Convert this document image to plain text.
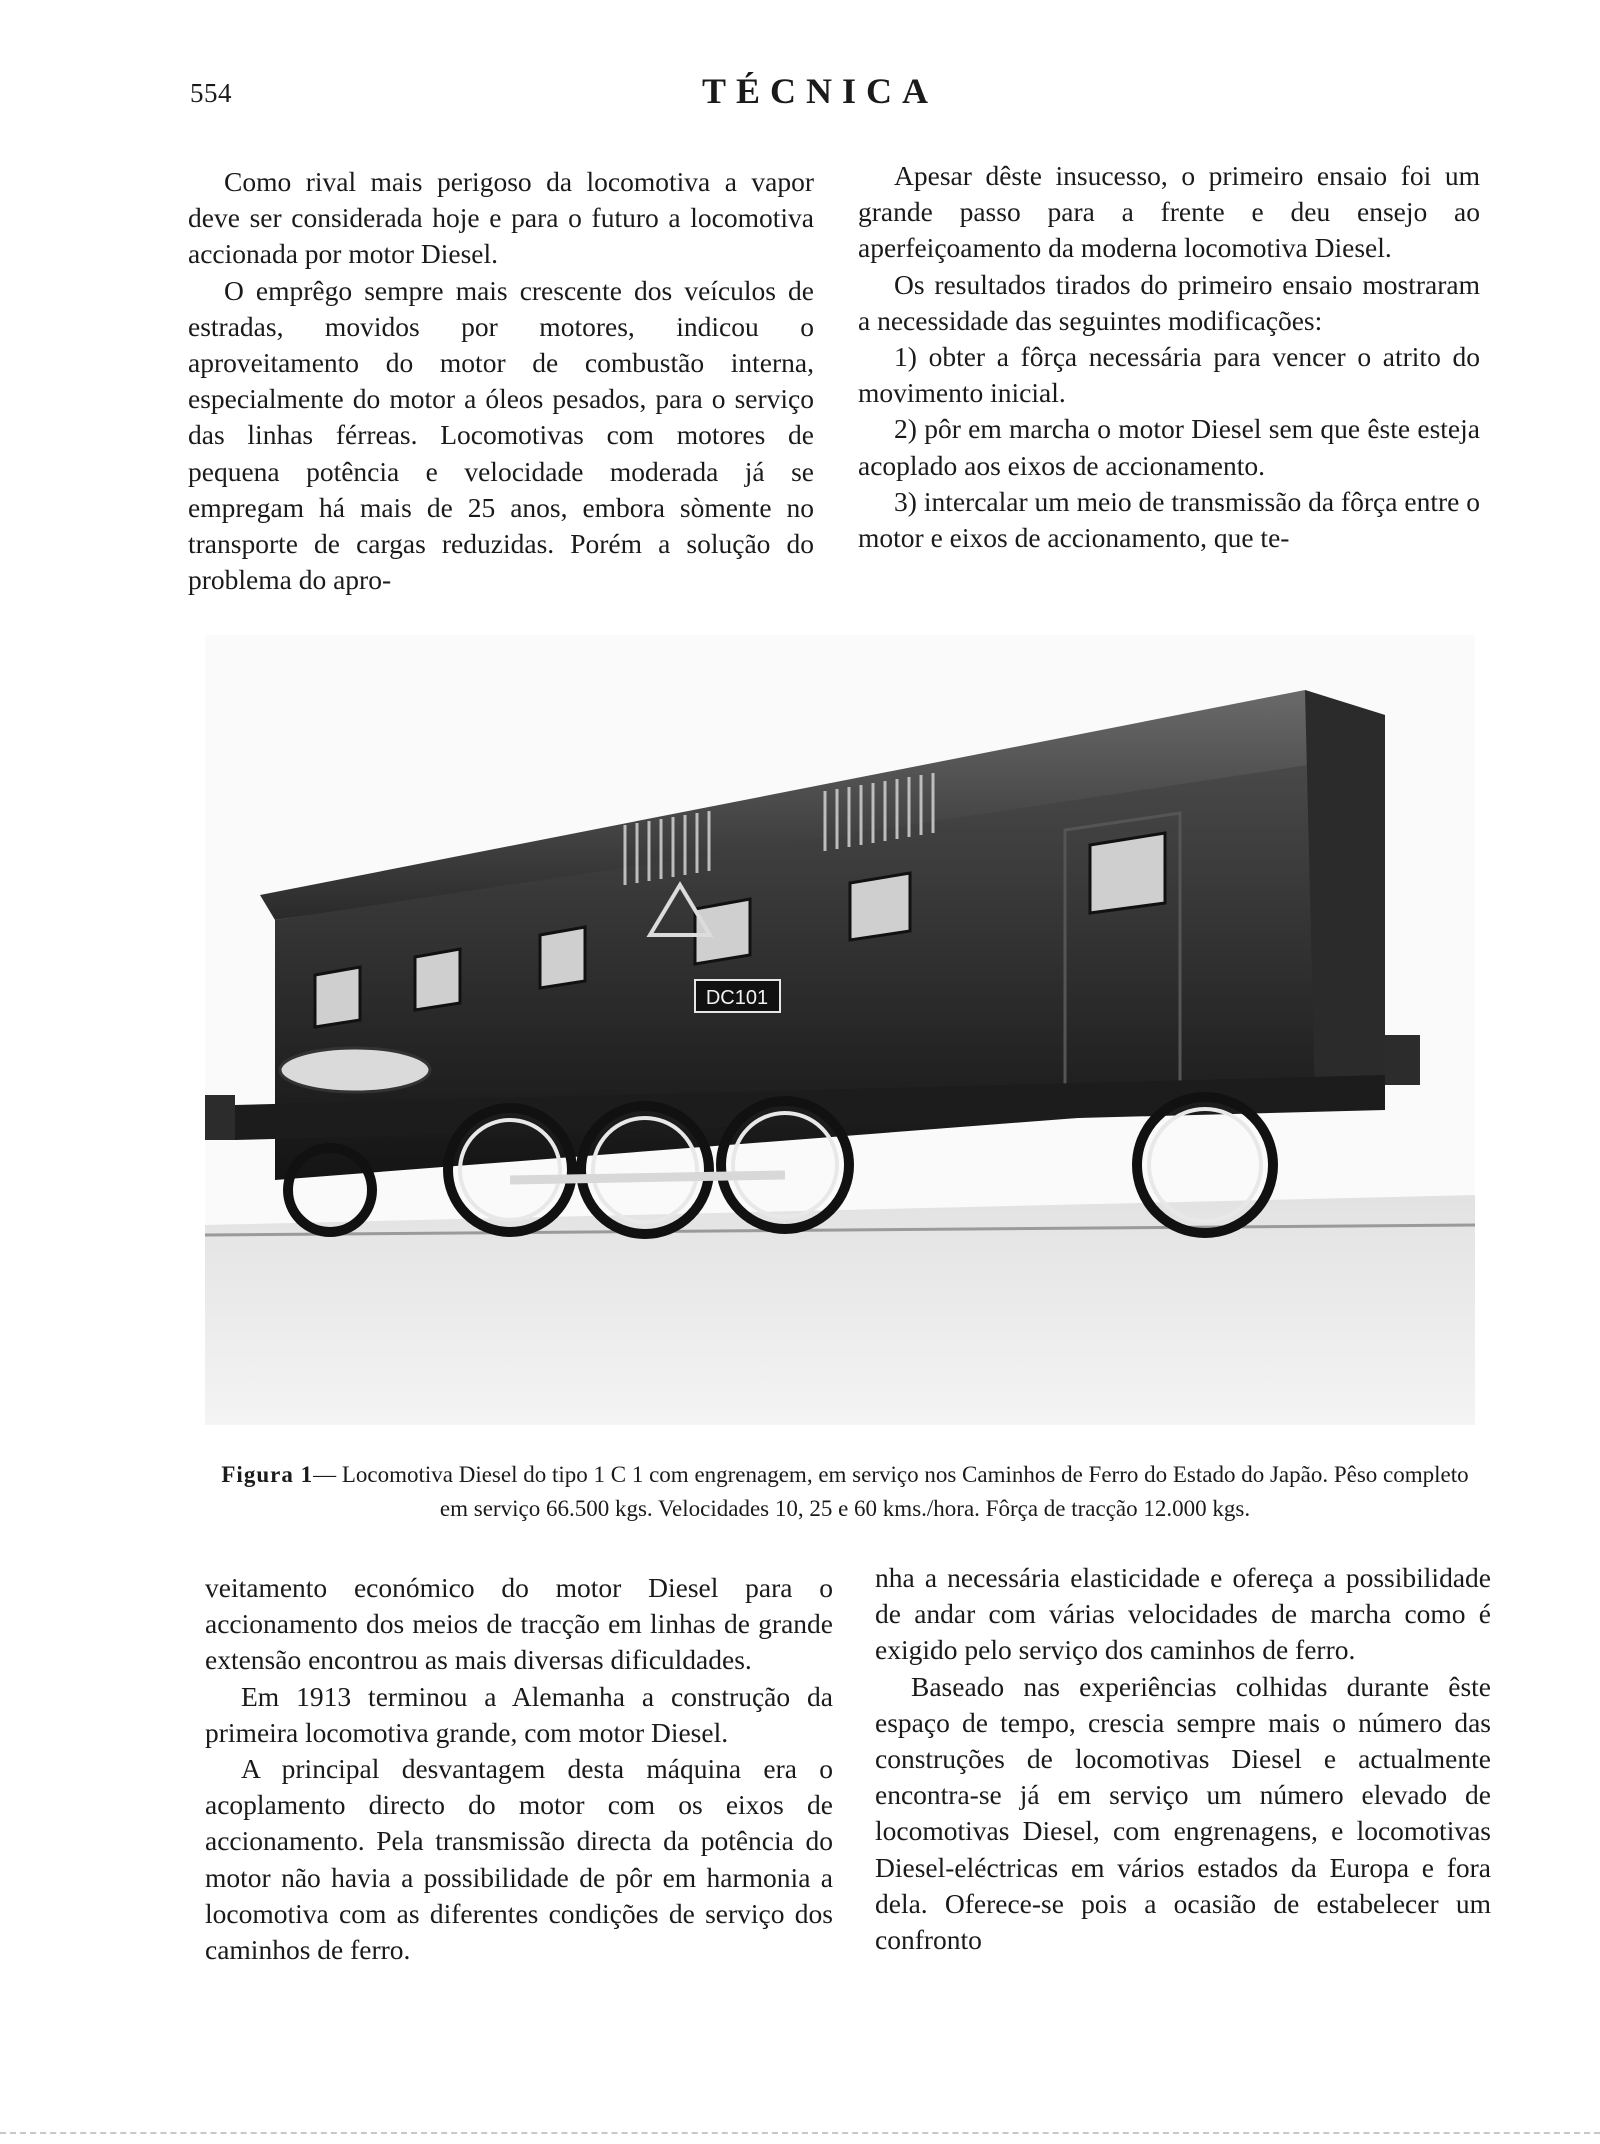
554	TÉCNICA

Como rival mais perigoso da locomotiva a vapor deve ser considerada hoje e para o futuro a locomotiva accionada por motor Diesel.

O emprêgo sempre mais crescente dos veículos de estradas, movidos por motores, indicou o aproveitamento do motor de combustão interna, especialmente do motor a óleos pesados, para o serviço das linhas férreas. Locomotivas com motores de pequena potência e velocidade moderada já se empregam há mais de 25 anos, embora sòmente no transporte de cargas reduzidas. Porém a solução do problema do apro-

Apesar dêste insucesso, o primeiro ensaio foi um grande passo para a frente e deu ensejo ao aperfeiçoamento da moderna locomotiva Diesel.

Os resultados tirados do primeiro ensaio mostraram a necessidade das seguintes modificações:

1) obter a fôrça necessária para vencer o atrito do movimento inicial.

2) pôr em marcha o motor Diesel sem que êste esteja acoplado aos eixos de accionamento.

3) intercalar um meio de transmissão da fôrça entre o motor e eixos de accionamento, que te-

DC101
Figura 1— Locomotiva Diesel do tipo 1 C 1 com engrenagem, em serviço nos Caminhos de Ferro do Estado do Japão. Pêso completo em serviço 66.500 kgs. Velocidades 10, 25 e 60 kms./hora. Fôrça de tracção 12.000 kgs.

veitamento económico do motor Diesel para o accionamento dos meios de tracção em linhas de grande extensão encontrou as mais diversas dificuldades.

Em 1913 terminou a Alemanha a construção da primeira locomotiva grande, com motor Diesel.

A principal desvantagem desta máquina era o acoplamento directo do motor com os eixos de accionamento. Pela transmissão directa da potência do motor não havia a possibilidade de pôr em harmonia a locomotiva com as diferentes condições de serviço dos caminhos de ferro.

nha a necessária elasticidade e ofereça a possibilidade de andar com várias velocidades de marcha como é exigido pelo serviço dos caminhos de ferro.

Baseado nas experiências colhidas durante êste espaço de tempo, crescia sempre mais o número das construções de locomotivas Diesel e actualmente encontra-se já em serviço um número elevado de locomotivas Diesel, com engrenagens, e locomotivas Diesel-eléctricas em vários estados da Europa e fora dela. Oferece-se pois a ocasião de estabelecer um confronto
